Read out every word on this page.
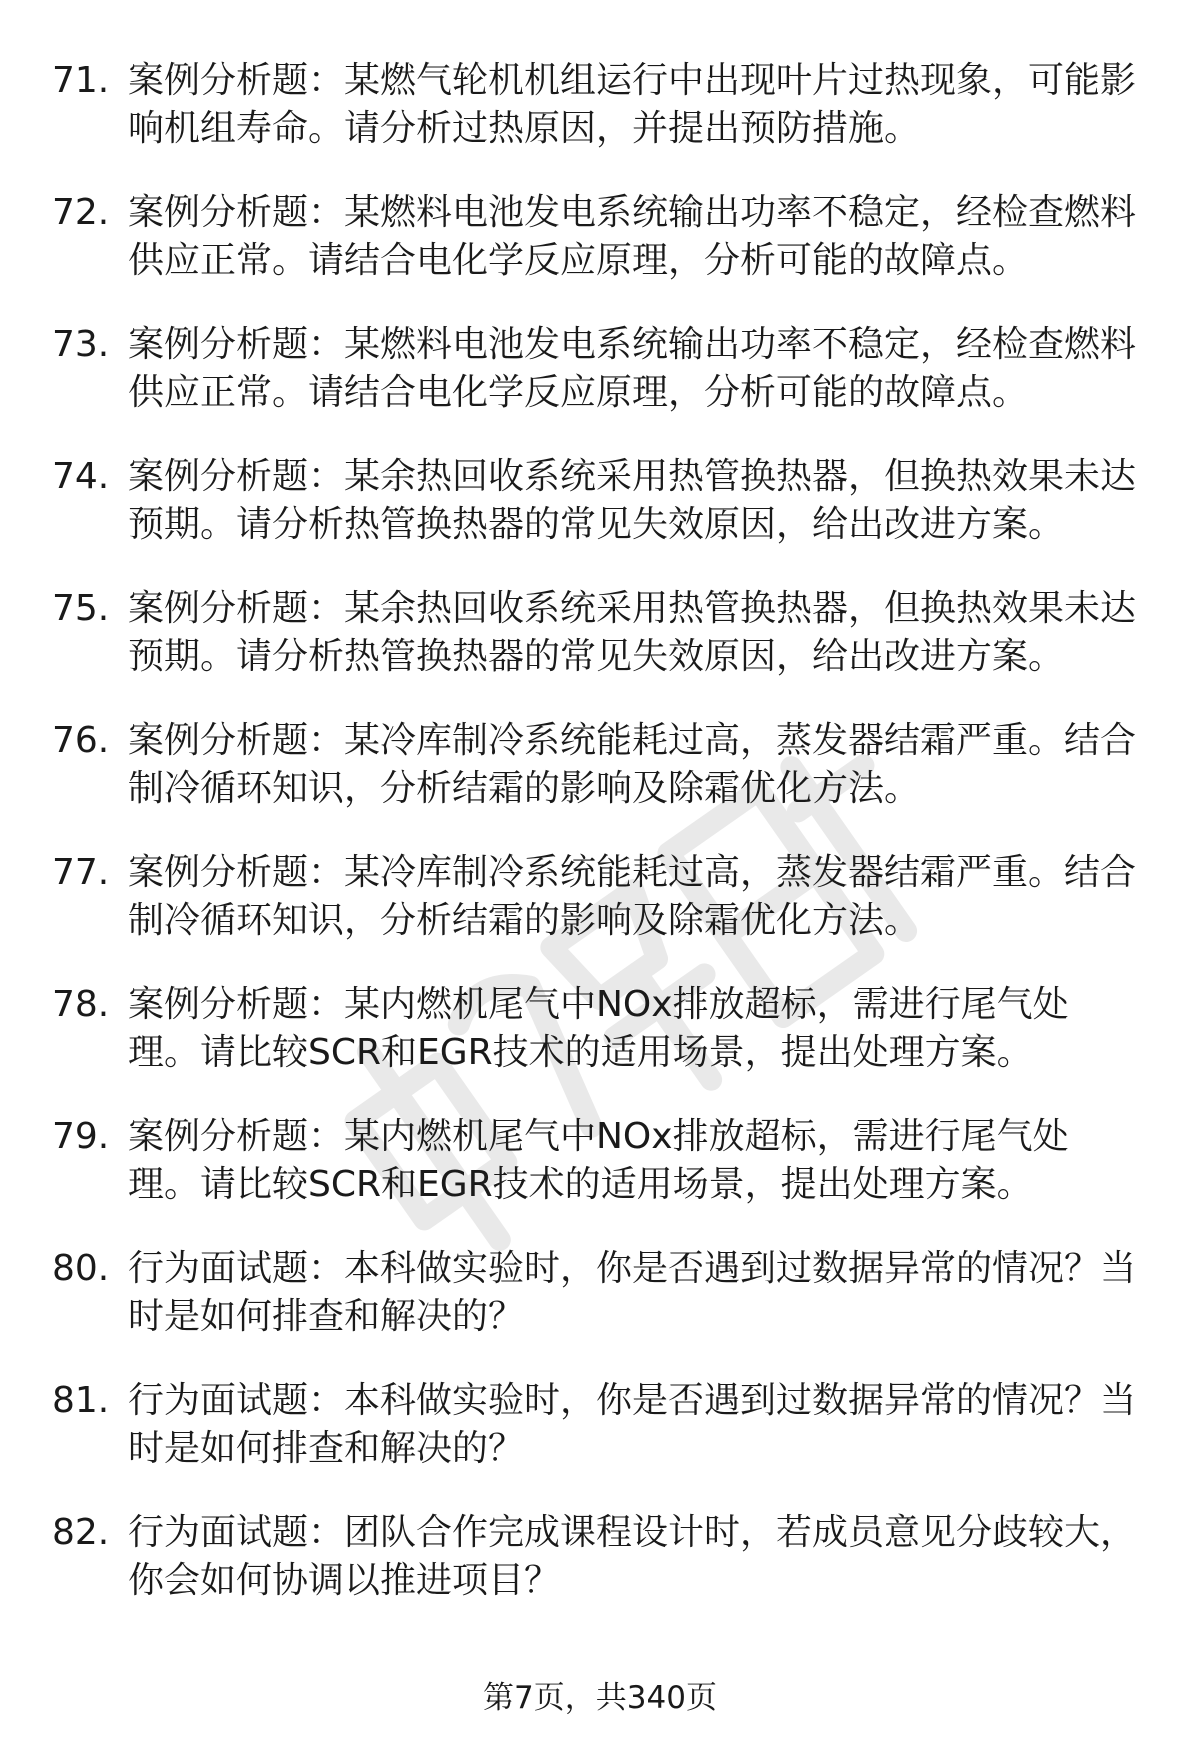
71. 案例分析题：某燃气轮机机组运行中出现叶片过热现象，可能影响机组寿命。请分析过热原因，并提出预防措施。
72. 案例分析题：某燃料电池发电系统输出功率不稳定，经检查燃料供应正常。请结合电化学反应原理，分析可能的故障点。
73. 案例分析题：某燃料电池发电系统输出功率不稳定，经检查燃料供应正常。请结合电化学反应原理，分析可能的故障点。
74. 案例分析题：某余热回收系统采用热管换热器，但换热效果未达预期。请分析热管换热器的常见失效原因，给出改进方案。
75. 案例分析题：某余热回收系统采用热管换热器，但换热效果未达预期。请分析热管换热器的常见失效原因，给出改进方案。
76. 案例分析题：某冷库制冷系统能耗过高，蒸发器结霜严重。结合制冷循环知识，分析结霜的影响及除霜优化方法。
77. 案例分析题：某冷库制冷系统能耗过高，蒸发器结霜严重。结合制冷循环知识，分析结霜的影响及除霜优化方法。
78. 案例分析题：某内燃机尾气中NOx排放超标，需进行尾气处理。请比较SCR和EGR技术的适用场景，提出处理方案。
79. 案例分析题：某内燃机尾气中NOx排放超标，需进行尾气处理。请比较SCR和EGR技术的适用场景，提出处理方案。
80. 行为面试题：本科做实验时，你是否遇到过数据异常的情况？当时是如何排查和解决的？
81. 行为面试题：本科做实验时，你是否遇到过数据异常的情况？当时是如何排查和解决的？
82. 行为面试题：团队合作完成课程设计时，若成员意见分歧较大，你会如何协调以推进项目？
第7页，共340页
